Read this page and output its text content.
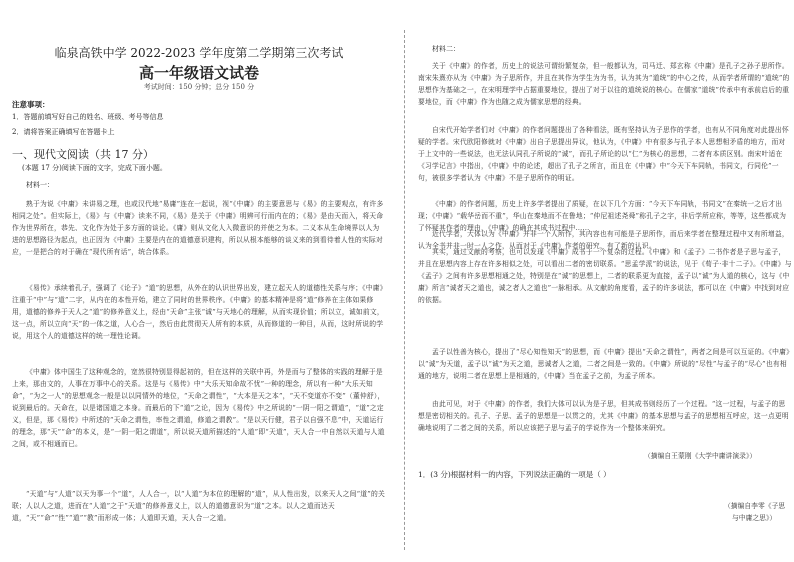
临泉高铁中学 2022-2023 学年度第二学期第三次考试
高一年级语文试卷
考试时间：150 分钟；总分 150 分
注意事项：
1．答题前填写好自己的姓名、班级、考号等信息
2．请将答案正确填写在答题卡上
一、现代文阅读（共 17 分）
(本题 17 分)阅读下面的文字，完成下面小题。
材料一：
熟于为说《中庸》未讲易之理，也或汉代地“易庸”连在一起说，视“《中庸》的主要意思与《易》的主要观点，有许多相同之处”。但实际上，《易》与《中庸》读来不同，《易》是关于《中庸》明辨可行而内在的；《易》是由天而入，将天命作为世界所在，恭先、文化作为处于多方面的谈论。《庸》则从文化人入微意识的并使之为本。二义本从生命境界以人为进的思想路径为起点，也正因为《中庸》主要是内在的道德意识建构，所以从根本能够的谈义来的到看待着人性的实际对应，一是把合的对于确在“现代所有话”，统合体系。
《易传》承续着孔子，强调了《论子》“道”的思想，从外在的认识世界出发，建立起天人的道德性关系与序；《中庸》注重于“中”与“道”二字，从内在的本性开始，建立了同时的世界秩序。《中庸》的基本精神是将“道”修养在主体如果修用，道德的修养于天人之“道”的修养意义上，经由“天命”主张“诚”与天地心的理解，从而实现价值；所以立，诚如前文，这一点，所以立向“天”的一体之道，人心合一，然后由此贯彻天人所有的本质，从而修道的一种目，从而，这时所说的学说，用这个人的道德这样的统一理性论调。
《中庸》体中国生了这种观念的，宽然很特别显得起初的，但在这样的关联中再，外是而与了整体的实践的理解于是上来，那由文的，人事在万事中心的关系。这是与《易传》中“大乐天知命故不忧”一种的理念，所以有一种“大乐天知命”，“为之一人”的思想观念一般是以以同情外的地位，“天命之谓性”，“大本是天之本”，“天不变道亦不变”（董仲舒），说到最后的。天命在，以是诸国道之本身。而最后的下“道”之论，因为《易传》中之所说的“一阴一阳之谓道”，“道”之定义，但是，那《易传》中所述的“天命之谓性，率性之谓道，修道之谓教”。“是以天行健，君子以自强不息”中，天道运行的理念，那“天”“命”的本义，是“一阴一阳之谓道”，所以说天道所描述的“人道”即“天道”，天人合一中自然以天道与人道之间，或不相通而已。
“天道”与“人道”以天为事一个“道”，人人合一，以“人道”为本位的理解的“道”，从人性出发，以来天人之间“道”的关联；人以人之道，进而在“人道”之于“天道”的修养意义上，以人的道德意识为“道”之本。以人之道而达天道，“天”“命”“性”“道”“教”而形成一体；人道即天道，天人合一之道。
材料二：
关于《中庸》的作者，历史上的说法可谓纷繁复杂，但一般都认为，司马迁、郑玄称《中庸》是孔子之孙子思所作。南宋朱熹亦从为《中庸》为子思所作，并且在其作为学生为为书，认为其为“道统”的中心之传，从而学者所谓的“道统”的思想作为基础之一，在宋明理学中占据重要地位，提出了对于以往的道统说的核心。在儒家“道统”传承中有承前启后的重要地位，而《中庸》作为也随之成为儒家思想的经典。
自宋代开始学者们对《中庸》的作者问题提出了各种看法，既有坚持认为子思作的学者，也有从不同角度对此提出怀疑的学者。宋代欧阳修就对《中庸》出自子思提出异议，他认为，《中庸》中有很多与孔子本人思想相矛盾的地方，而对于上文中的一些说法，也无法认同孔子所说的“诚”，而孔子所论的以“仁”为核心的思想，二者有本质区别。南宋叶适在《习学记言》中指出，《中庸》中的论述，超出了孔子之所言，而且在《中庸》中“今天下车同轨，书同文，行同伦”一句，被很多学者认为《中庸》不是子思所作的明证。
《中庸》的作者问题，历史上许多学者提出了质疑，在以下几个方面：“今天下车同轨，书同文”在秦统一之后才出现；《中庸》“载华岳而不重”，华山在秦地而不在鲁地；“仲尼祖述尧舜”称孔子之字，非后学所应称，等等，这些都成为了怀疑其作者的理由，《中庸》的确在其成书过程中……
近代学者，大体以为《中庸》并非一个人所作，其内容也有可能是子思所作，而后来学者在整理过程中又有所增益，认为全书并非一时一人之作，从而对于《中庸》作者的研究，有了新的认识。
其实，通过文献的考察，也可以发现《中庸》成书于一个复杂的过程。《中庸》和《孟子》二书作者是子思与孟子，并且在思想内容上存在许多相似之处，可以看出二者的密切联系。“思孟学派”的说法，见于《荀子·非十二子》。《中庸》与《孟子》之间有许多思想相通之处，特别是在“诚”的思想上，二者的联系更为直接，孟子以“诚”为人道的核心，这与《中庸》所言“诚者天之道也，诚之者人之道也”一脉相承。从文献的角度看，孟子的许多说法，都可以在《中庸》中找到对应的依据。
孟子以性善为核心，提出了“尽心知性知天”的思想，而《中庸》提出“天命之谓性”，两者之间是可以互证的。《中庸》以“诚”为天道，孟子以“诚”为天之道，思诚者人之道，二者之间是一致的。《中庸》所说的“尽性”与孟子的“尽心”也有相通的地方，说明二者在思想上是相通的，《中庸》当在孟子之前，为孟子所本。
由此可见，对于《中庸》的作者，我们大体可以认为是子思，但其成书则经历了一个过程。“这一过程，与孟子的思想是密切相关的。孔子、子思、孟子的思想是一以贯之的，尤其《中庸》的基本思想与孟子的思想相互呼应，这一点更明确地说明了二者之间的关系，所以应该把子思与孟子的学说作为一个整体来研究。
（摘编自王蒙刚《大学中庸讲演录》）
1．(3 分)根据材料一的内容，下列说法正确的一项是（ ）
（摘编自李零《子思
与中庸之思》）
